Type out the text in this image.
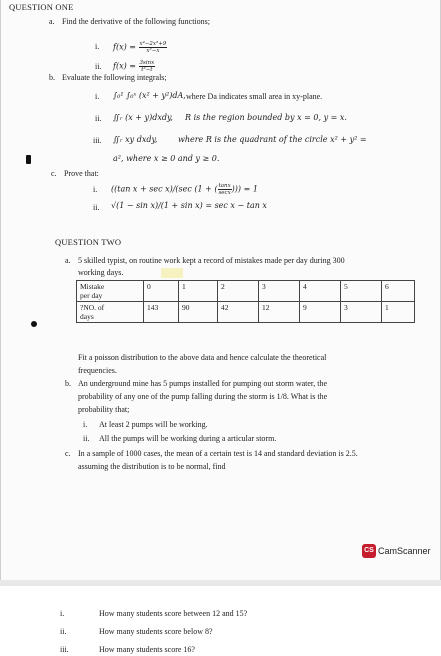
QUESTION ONE
a. Find the derivative of the following functions;
i. $f(x) = \frac{\text{x⁴−2x³+9}}{\text{x²−x}}$
ii. $f(x) = \frac{3\sin x}{\text{t²−t}}$
b. Evaluate the following integrals;
i. ∫₀¹ ∫₀ˣ (x² + y²)dA, where Da indicates small area in xy-plane.
ii. ∬ᵣ (x + y)dxdy, R is the region bounded by x = 0, y = x.
iii. ∬ᵣ xy dxdy,	where R is the quadrant of the circle x² + y² =
a², where x ≥ 0 and y ≥ 0.
c. Prove that:
i. ((tan x + sec x)/(sec (1 + ( $\frac{\tan x}{\sec x}$ ))) = 1
ii. √(1 − sin x)/(1 + sin x) = sec x − tan x
QUESTION TWO
a. 5 skilled typist, on routine work kept a record of mistakes made per day during 300
working days.
Mistake
per day	0	1	2	3	4	5	6

?NO. of
days	143	90	42	12	9	3	1
Fit a poisson distribution to the above data and hence calculate the theoretical
frequencies.
b. An underground mine has 5 pumps installed for pumping out storm water, the
probability of any one of the pump falling during the storm is 1/8. What is the
probability that;
i. At least 2 pumps will be working.
ii. All the pumps will be working during a articular storm.
c. In a sample of 1000 cases, the mean of a certain test is 14 and standard deviation is 2.5.
assuming the distribution is to be normal, find
CS CamScanner
i.	How many students score between 12 and 15?
ii.	How many students score below 8?
iii.	How many students score 16?
